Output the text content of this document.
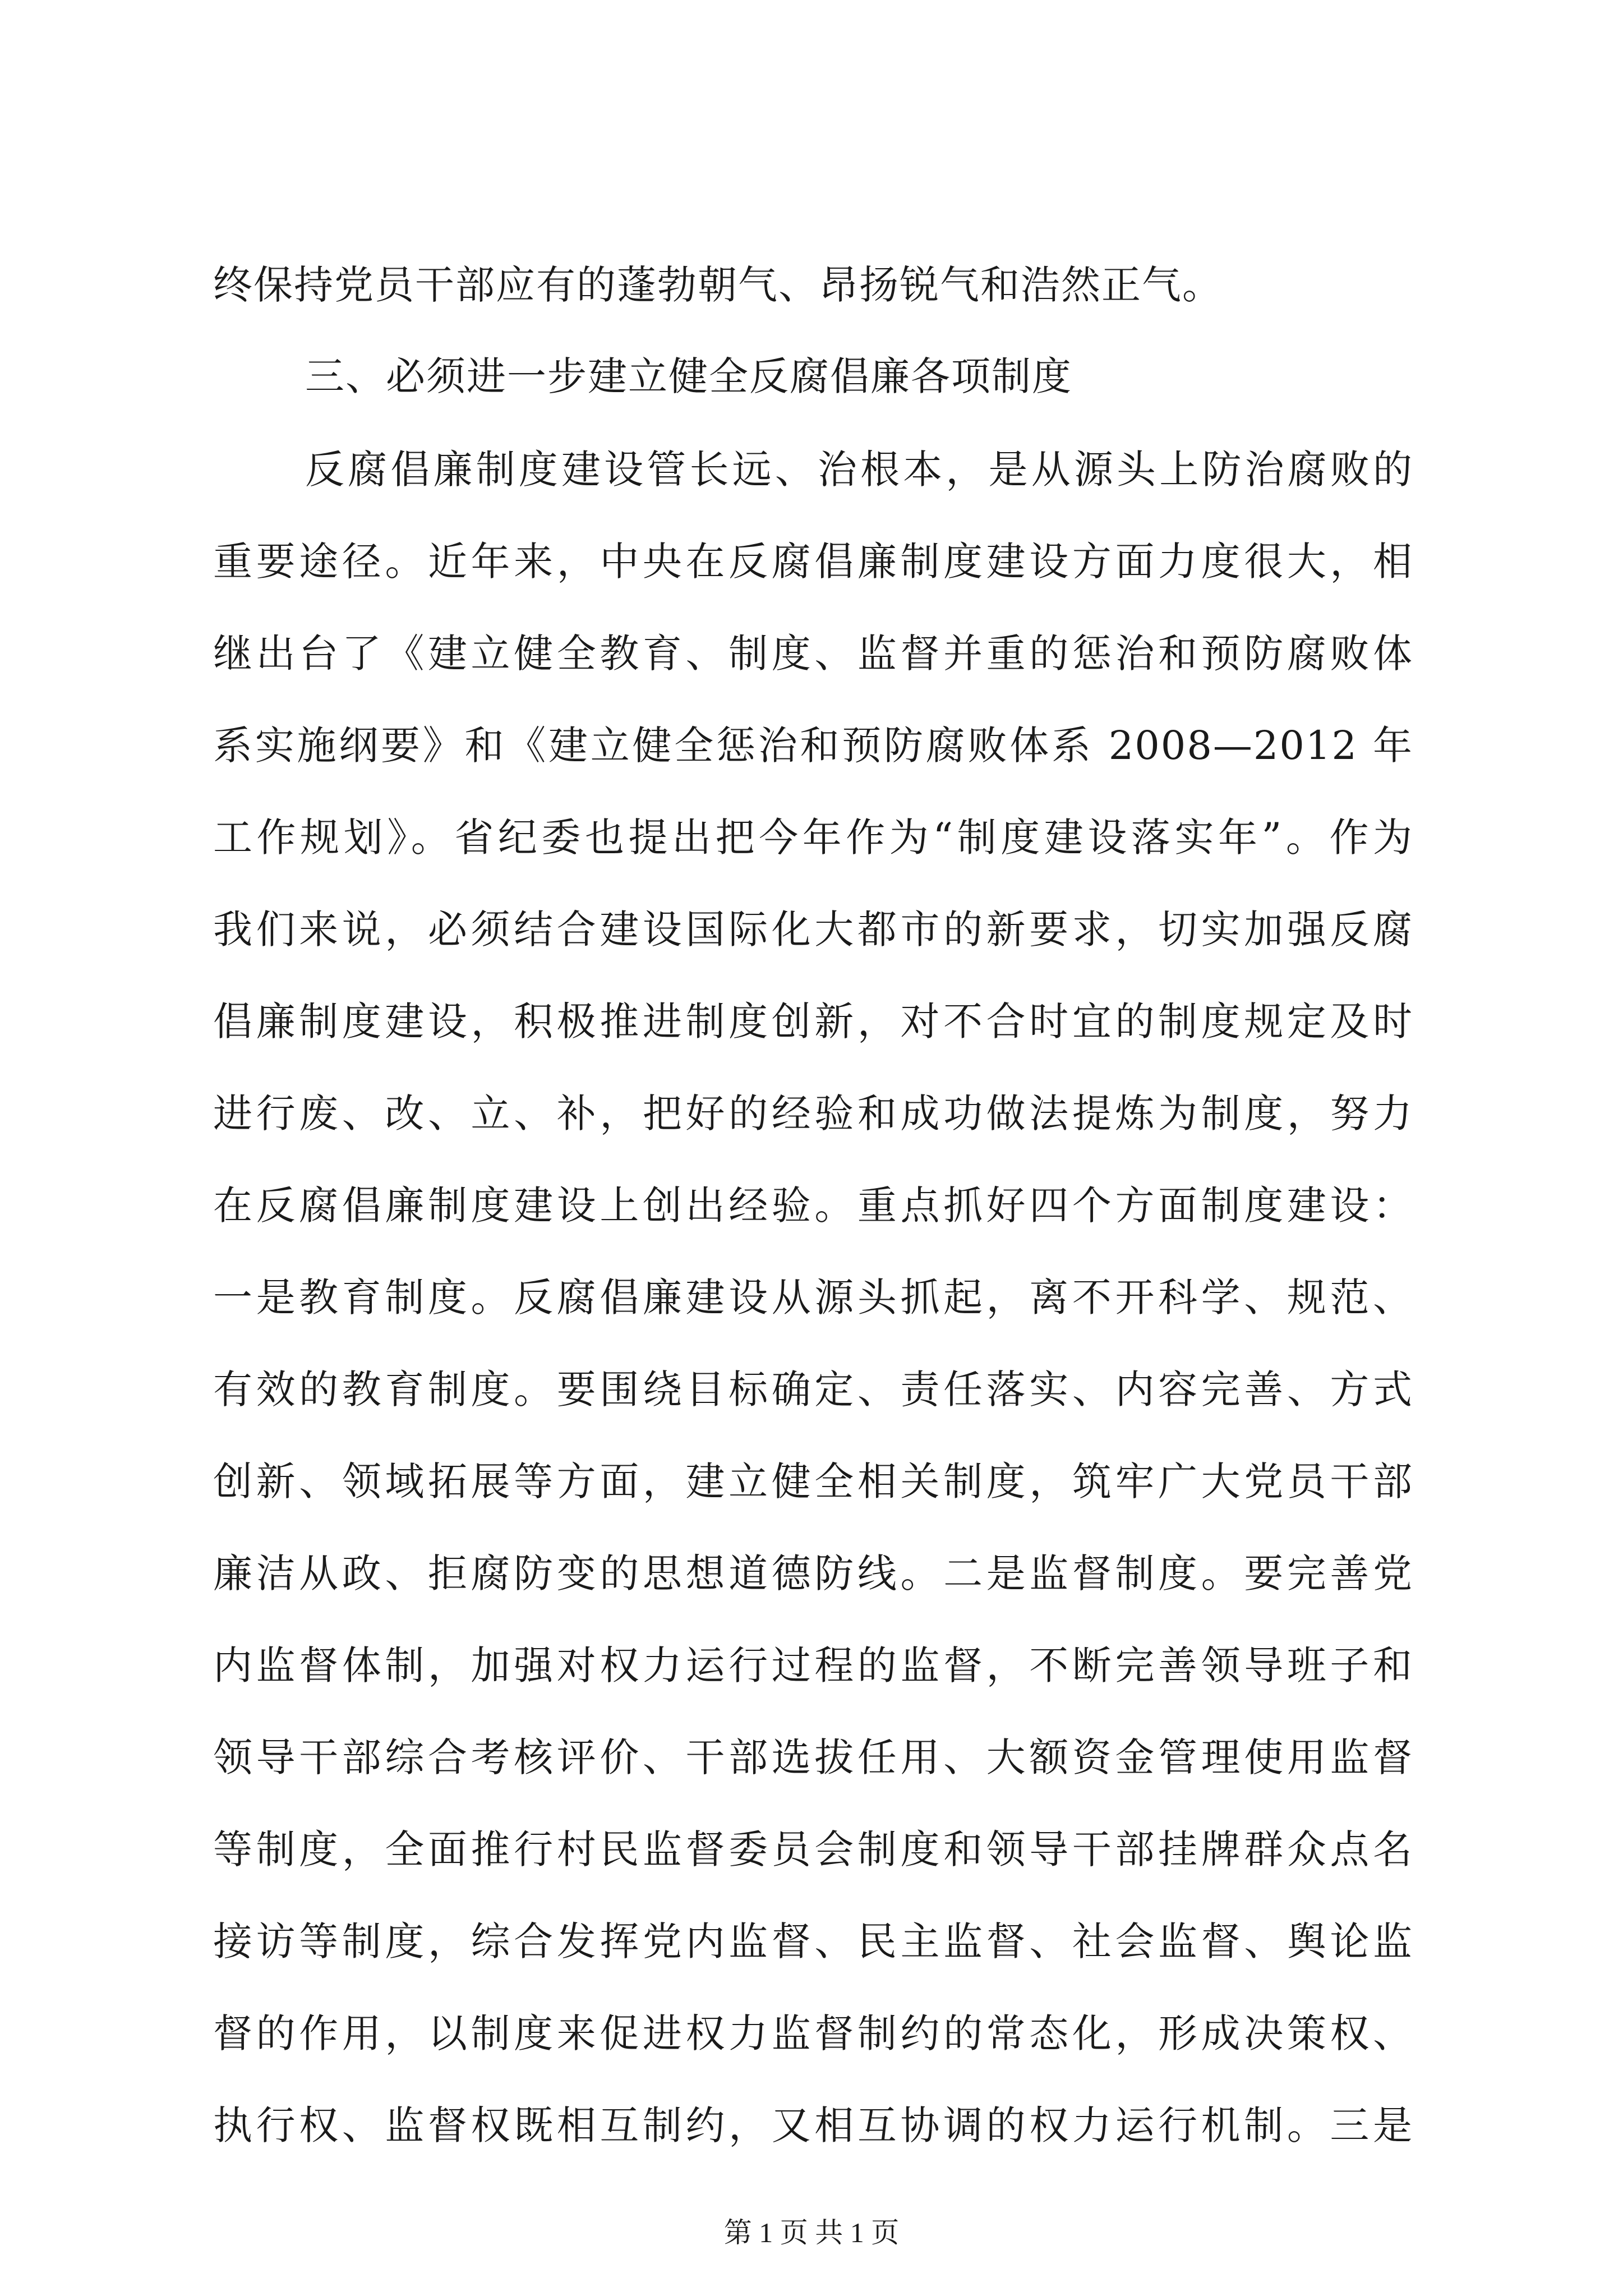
终保持党员干部应有的蓬勃朝气、昂扬锐气和浩然正气。
三、必须进一步建立健全反腐倡廉各项制度
反腐倡廉制度建设管长远、治根本，是从源头上防治腐败的
重要途径。近年来，中央在反腐倡廉制度建设方面力度很大，相
继出台了《建立健全教育、制度、监督并重的惩治和预防腐败体
系实施纲要》和《建立健全惩治和预防腐败体系 2008—2012 年
工作规划》。省纪委也提出把今年作为“制度建设落实年”。作为
我们来说，必须结合建设国际化大都市的新要求，切实加强反腐
倡廉制度建设，积极推进制度创新，对不合时宜的制度规定及时
进行废、改、立、补，把好的经验和成功做法提炼为制度，努力
在反腐倡廉制度建设上创出经验。重点抓好四个方面制度建设：
一是教育制度。反腐倡廉建设从源头抓起，离不开科学、规范、
有效的教育制度。要围绕目标确定、责任落实、内容完善、方式
创新、领域拓展等方面，建立健全相关制度，筑牢广大党员干部
廉洁从政、拒腐防变的思想道德防线。二是监督制度。要完善党
内监督体制，加强对权力运行过程的监督，不断完善领导班子和
领导干部综合考核评价、干部选拔任用、大额资金管理使用监督
等制度，全面推行村民监督委员会制度和领导干部挂牌群众点名
接访等制度，综合发挥党内监督、民主监督、社会监督、舆论监
督的作用，以制度来促进权力监督制约的常态化，形成决策权、
执行权、监督权既相互制约，又相互协调的权力运行机制。三是
第 1 页 共 1 页
